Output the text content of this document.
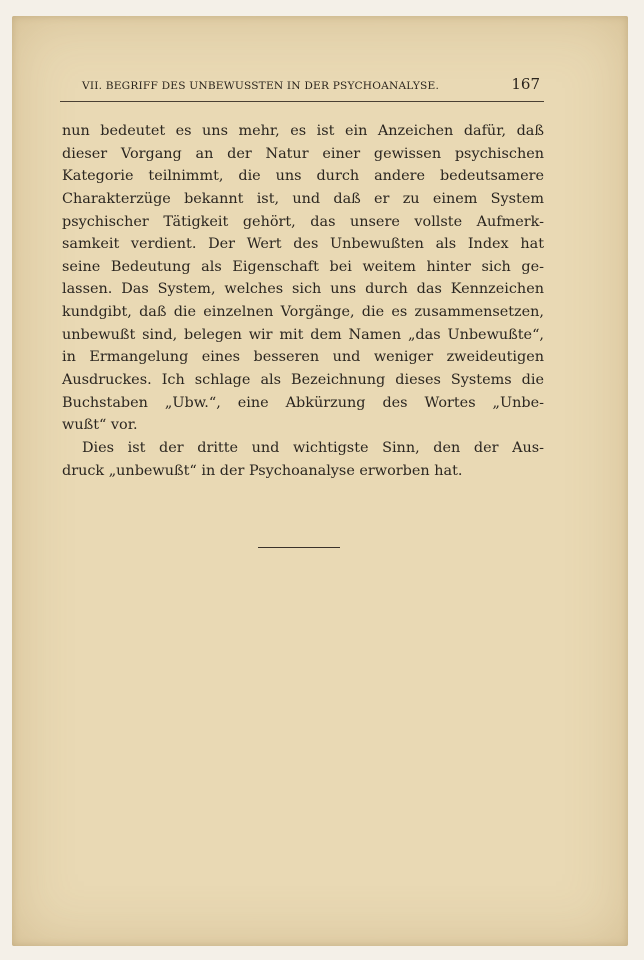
VII. BEGRIFF DES UNBEWUSSTEN IN DER PSYCHOANALYSE.	167
nun bedeutet es uns mehr, es ist ein Anzeichen dafür, daß
dieser Vorgang an der Natur einer gewissen psychischen
Kategorie teilnimmt, die uns durch andere bedeutsamere
Charakterzüge bekannt ist, und daß er zu einem System
psychischer Tätigkeit gehört, das unsere vollste Aufmerk-
samkeit verdient. Der Wert des Unbewußten als Index hat
seine Bedeutung als Eigenschaft bei weitem hinter sich ge-
lassen. Das System, welches sich uns durch das Kennzeichen
kundgibt, daß die einzelnen Vorgänge, die es zusammensetzen,
unbewußt sind, belegen wir mit dem Namen „das Unbewußte“,
in Ermangelung eines besseren und weniger zweideutigen
Ausdruckes. Ich schlage als Bezeichnung dieses Systems die
Buchstaben „Ubw.“, eine Abkürzung des Wortes „Unbe-
wußt“ vor.
Dies ist der dritte und wichtigste Sinn, den der Aus-
druck „unbewußt“ in der Psychoanalyse erworben hat.
